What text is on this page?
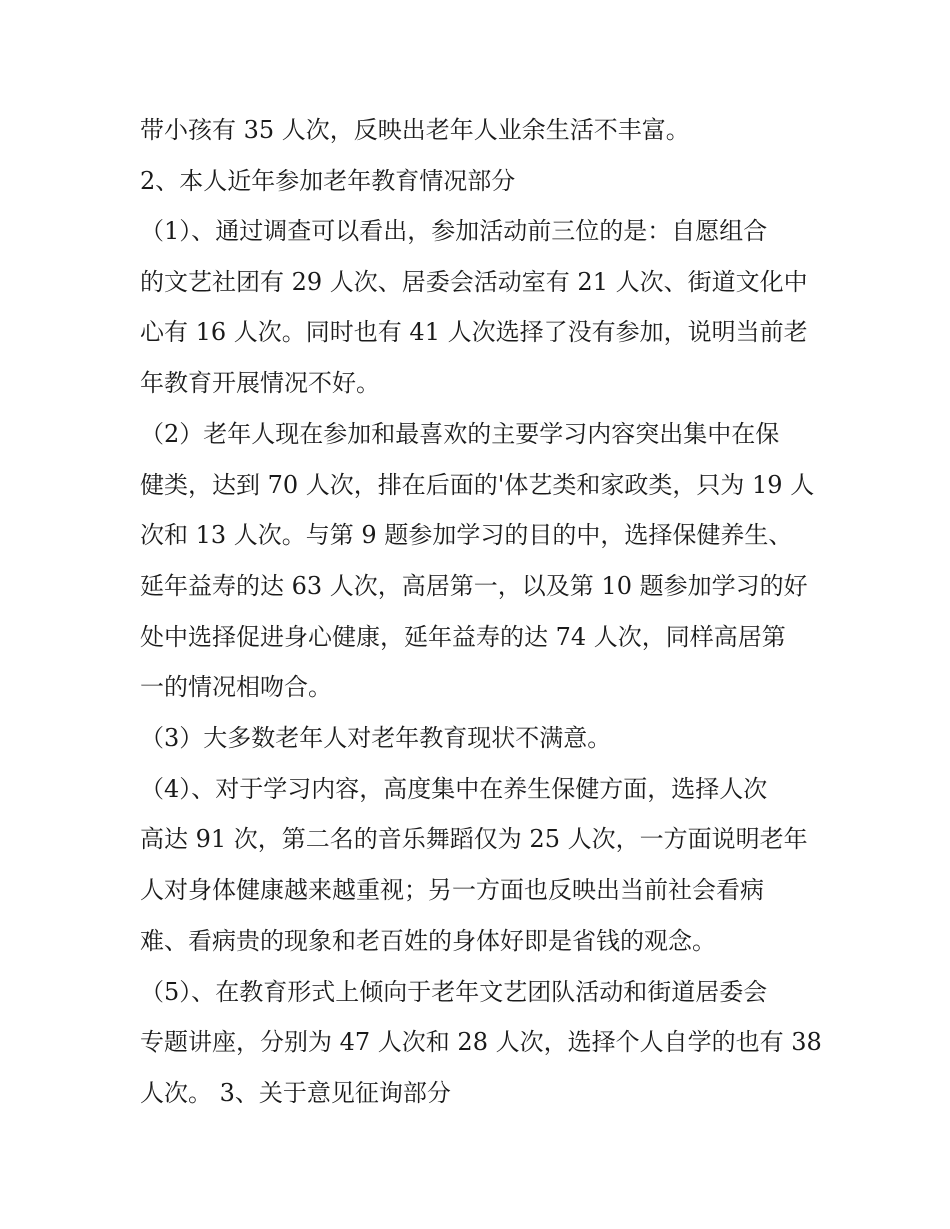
带小孩有 35 人次，反映出老年人业余生活不丰富。

2、本人近年参加老年教育情况部分

（1）、通过调查可以看出，参加活动前三位的是：自愿组合

的文艺社团有 29 人次、居委会活动室有 21 人次、街道文化中

心有 16 人次。同时也有 41 人次选择了没有参加，说明当前老

年教育开展情况不好。

（2）老年人现在参加和最喜欢的主要学习内容突出集中在保

健类，达到 70 人次，排在后面的'体艺类和家政类，只为 19 人

次和 13 人次。与第 9 题参加学习的目的中，选择保健养生、

延年益寿的达 63 人次，高居第一，以及第 10 题参加学习的好

处中选择促进身心健康，延年益寿的达 74 人次，同样高居第

一的情况相吻合。

（3）大多数老年人对老年教育现状不满意。

（4）、对于学习内容，高度集中在养生保健方面，选择人次

高达 91 次，第二名的音乐舞蹈仅为 25 人次，一方面说明老年

人对身体健康越来越重视；另一方面也反映出当前社会看病

难、看病贵的现象和老百姓的身体好即是省钱的观念。

（5）、在教育形式上倾向于老年文艺团队活动和街道居委会

专题讲座，分别为 47 人次和 28 人次，选择个人自学的也有 38

人次。 3、关于意见征询部分
